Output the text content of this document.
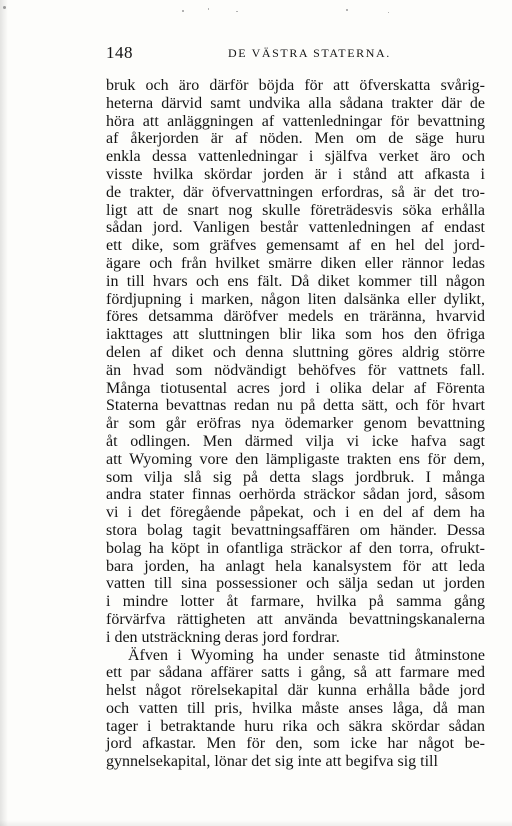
148	DE VÄSTRA STATERNA.
bruk och äro därför böjda för att öfverskatta svårig-
heterna därvid samt undvika alla sådana trakter där de
höra att anläggningen af vattenledningar för bevattning
af åkerjorden är af nöden. Men om de säge huru
enkla dessa vattenledningar i själfva verket äro och
visste hvilka skördar jorden är i stånd att afkasta i
de trakter, där öfvervattningen erfordras, så är det tro-
ligt att de snart nog skulle företrädesvis söka erhålla
sådan jord. Vanligen består vattenledningen af endast
ett dike, som gräfves gemensamt af en hel del jord-
ägare och från hvilket smärre diken eller rännor ledas
in till hvars och ens fält. Då diket kommer till någon
fördjupning i marken, någon liten dalsänka eller dylikt,
föres detsamma däröfver medels en träränna, hvarvid
iakttages att sluttningen blir lika som hos den öfriga
delen af diket och denna sluttning göres aldrig större
än hvad som nödvändigt behöfves för vattnets fall.
Många tiotusental acres jord i olika delar af Förenta
Staterna bevattnas redan nu på detta sätt, och för hvart
år som går eröfras nya ödemarker genom bevattning
åt odlingen. Men därmed vilja vi icke hafva sagt
att Wyoming vore den lämpligaste trakten ens för dem,
som vilja slå sig på detta slags jordbruk. I många
andra stater finnas oerhörda sträckor sådan jord, såsom
vi i det föregående påpekat, och i en del af dem ha
stora bolag tagit bevattningsaffären om händer. Dessa
bolag ha köpt in ofantliga sträckor af den torra, ofrukt-
bara jorden, ha anlagt hela kanalsystem för att leda
vatten till sina possessioner och sälja sedan ut jorden
i mindre lotter åt farmare, hvilka på samma gång
förvärfva rättigheten att använda bevattningskanalerna
i den utsträckning deras jord fordrar.
Äfven i Wyoming ha under senaste tid åtminstone
ett par sådana affärer satts i gång, så att farmare med
helst något rörelsekapital där kunna erhålla både jord
och vatten till pris, hvilka måste anses låga, då man
tager i betraktande huru rika och säkra skördar sådan
jord afkastar. Men för den, som icke har något be-
gynnelsekapital, lönar det sig inte att begifva sig till
